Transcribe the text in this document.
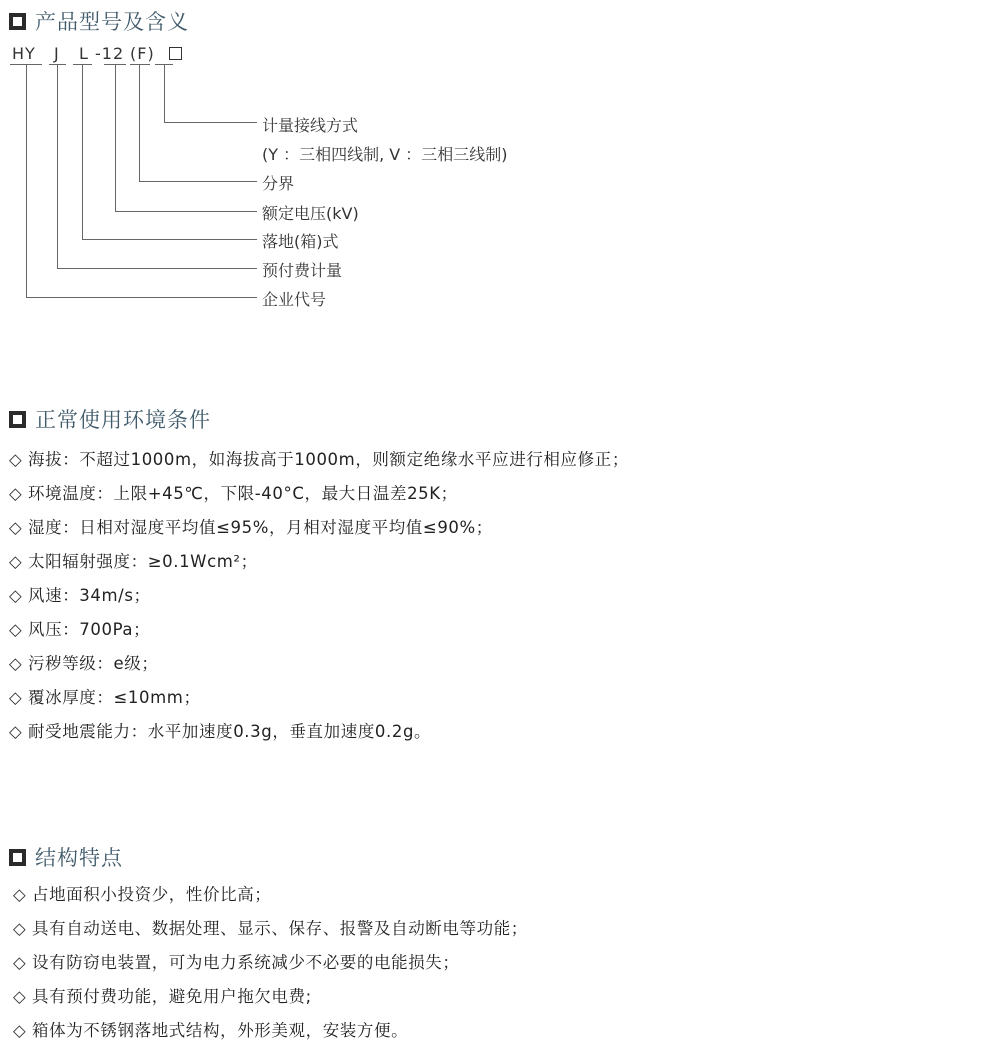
产品型号及含义
HY J L -12 (F)
计量接线方式
(Y ：三相四线制, V ：三相三线制)
分界
额定电压(kV)
落地(箱)式
预付费计量
企业代号
正常使用环境条件
◇ 海拔：不超过1000m，如海拔高于1000m，则额定绝缘水平应进行相应修正；
◇ 环境温度：上限+45℃，下限-40°C，最大日温差25K；
◇ 湿度：日相对湿度平均值≤95%，月相对湿度平均值≤90%；
◇ 太阳辐射强度：≥0.1Wcm²；
◇ 风速：34m/s；
◇ 风压：700Pa；
◇ 污秽等级：e级；
◇ 覆冰厚度：≤10mm；
◇ 耐受地震能力：水平加速度0.3g，垂直加速度0.2g。
结构特点
◇ 占地面积小投资少，性价比高；
◇ 具有自动送电、数据处理、显示、保存、报警及自动断电等功能；
◇ 设有防窃电装置，可为电力系统减少不必要的电能损失；
◇ 具有预付费功能，避免用户拖欠电费;
◇ 箱体为不锈钢落地式结构，外形美观，安装方便。
